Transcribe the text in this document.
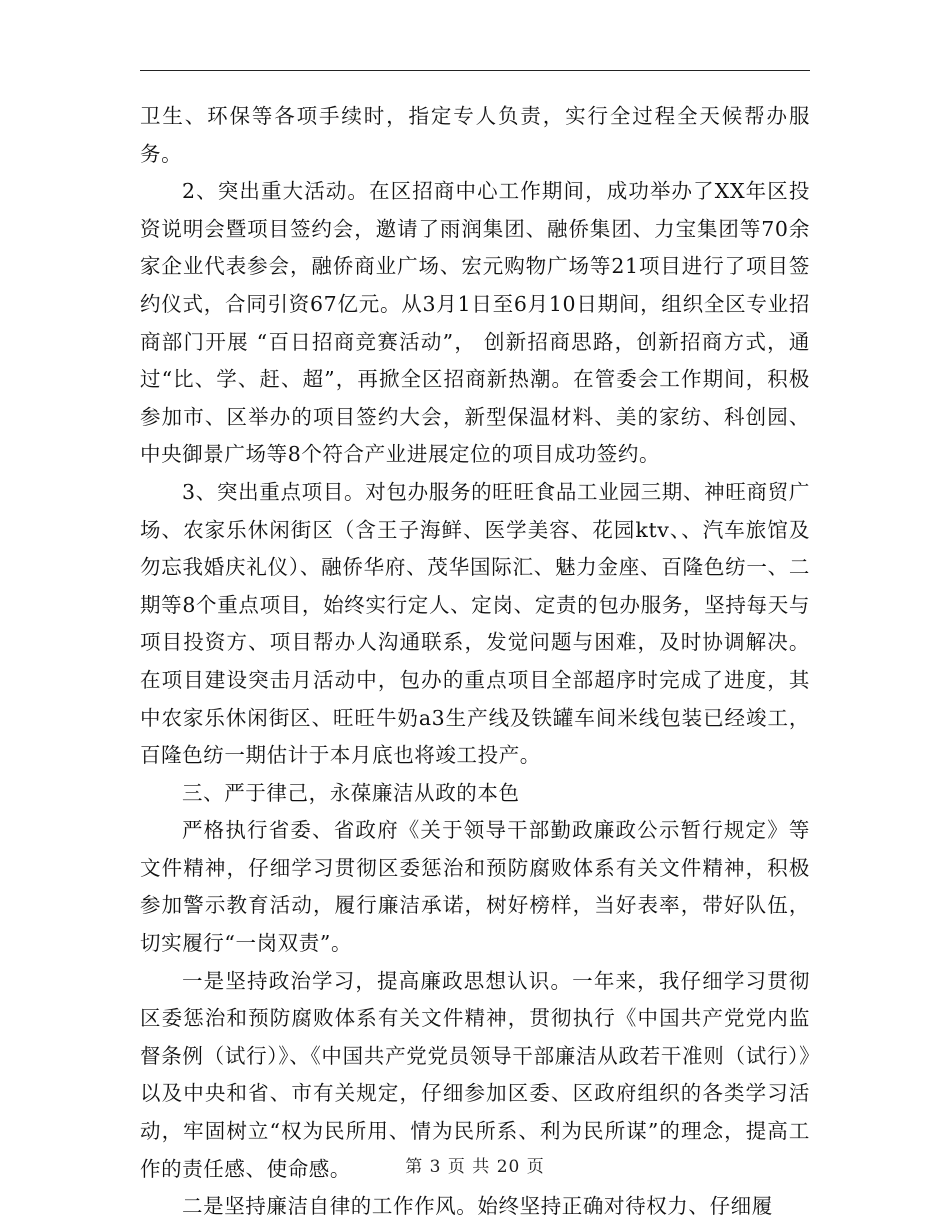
卫生、环保等各项手续时，指定专人负责，实行全过程全天候帮办服务。

2、突出重大活动。在区招商中心工作期间，成功举办了XX年区投资说明会暨项目签约会，邀请了雨润集团、融侨集团、力宝集团等70余家企业代表参会，融侨商业广场、宏元购物广场等21项目进行了项目签约仪式，合同引资67亿元。从3月1日至6月10日期间，组织全区专业招商部门开展 “百日招商竞赛活动”， 创新招商思路，创新招商方式，通过“比、学、赶、超”，再掀全区招商新热潮。在管委会工作期间，积极参加市、区举办的项目签约大会，新型保温材料、美的家纺、科创园、中央御景广场等8个符合产业进展定位的项目成功签约。

3、突出重点项目。对包办服务的旺旺食品工业园三期、神旺商贸广场、农家乐休闲街区（含王子海鲜、医学美容、花园ktv、、汽车旅馆及勿忘我婚庆礼仪）、融侨华府、茂华国际汇、魅力金座、百隆色纺一、二期等8个重点项目，始终实行定人、定岗、定责的包办服务，坚持每天与项目投资方、项目帮办人沟通联系，发觉问题与困难，及时协调解决。在项目建设突击月活动中，包办的重点项目全部超序时完成了进度，其中农家乐休闲街区、旺旺牛奶a3生产线及铁罐车间米线包装已经竣工，百隆色纺一期估计于本月底也将竣工投产。

三、严于律己，永葆廉洁从政的本色

严格执行省委、省政府《关于领导干部勤政廉政公示暂行规定》等文件精神，仔细学习贯彻区委惩治和预防腐败体系有关文件精神，积极参加警示教育活动，履行廉洁承诺，树好榜样，当好表率，带好队伍，切实履行“一岗双责”。

一是坚持政治学习，提高廉政思想认识。一年来，我仔细学习贯彻区委惩治和预防腐败体系有关文件精神，贯彻执行《中国共产党党内监督条例（试行）》、《中国共产党党员领导干部廉洁从政若干准则（试行）》以及中央和省、市有关规定，仔细参加区委、区政府组织的各类学习活动，牢固树立“权为民所用、情为民所系、利为民所谋”的理念，提高工作的责任感、使命感。

二是坚持廉洁自律的工作作风。始终坚持正确对待权力、仔细履

第 3 页 共 20 页
